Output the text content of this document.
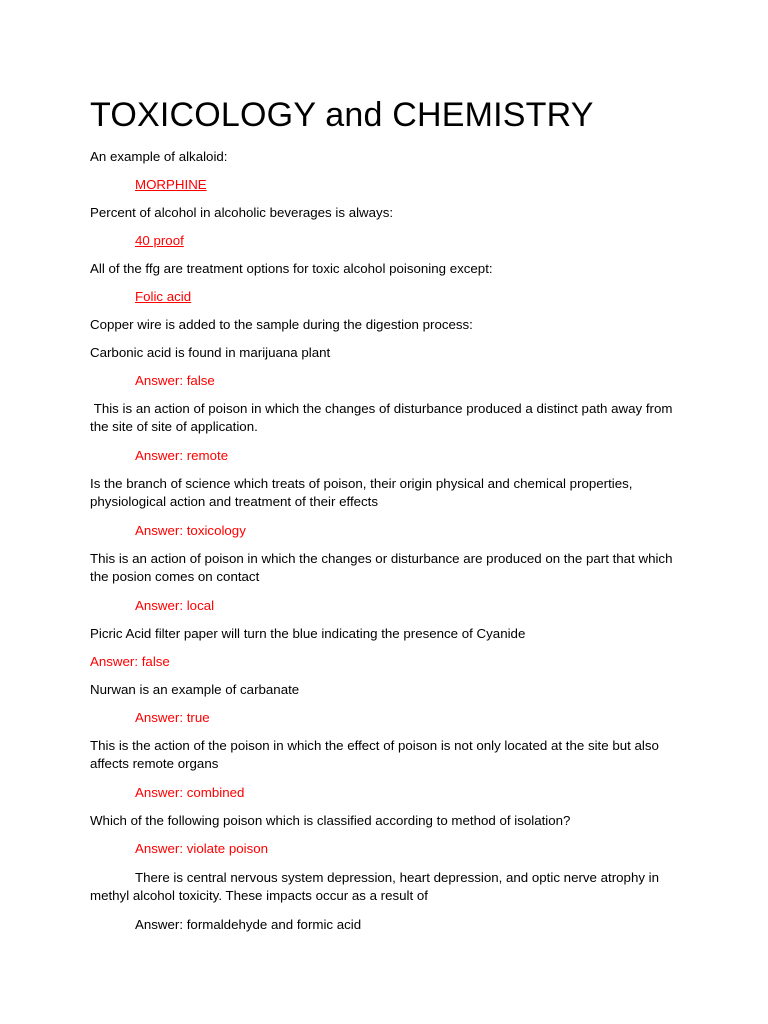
TOXICOLOGY and CHEMISTRY

An example of alkaloid:

MORPHINE

Percent of alcohol in alcoholic beverages is always:

40 proof

All of the ffg are treatment options for toxic alcohol poisoning except:

Folic acid

Copper wire is added to the sample during the digestion process:

Carbonic acid is found in marijuana plant

Answer: false

This is an action of poison in which the changes of disturbance produced a distinct path away from the site of site of application.

Answer: remote

Is the branch of science which treats of poison, their origin physical and chemical properties, physiological action and treatment of their effects

Answer: toxicology

This is an action of poison in which the changes or disturbance are produced on the part that which the posion comes on contact

Answer: local

Picric Acid filter paper will turn the blue indicating the presence of Cyanide

Answer: false

Nurwan is an example of carbanate

Answer: true

This is the action of the poison in which the effect of poison is not only located at the site but also affects remote organs

Answer: combined

Which of the following poison which is classified according to method of isolation?

Answer: violate poison

There is central nervous system depression, heart depression, and optic nerve atrophy in methyl alcohol toxicity. These impacts occur as a result of

Answer: formaldehyde and formic acid
